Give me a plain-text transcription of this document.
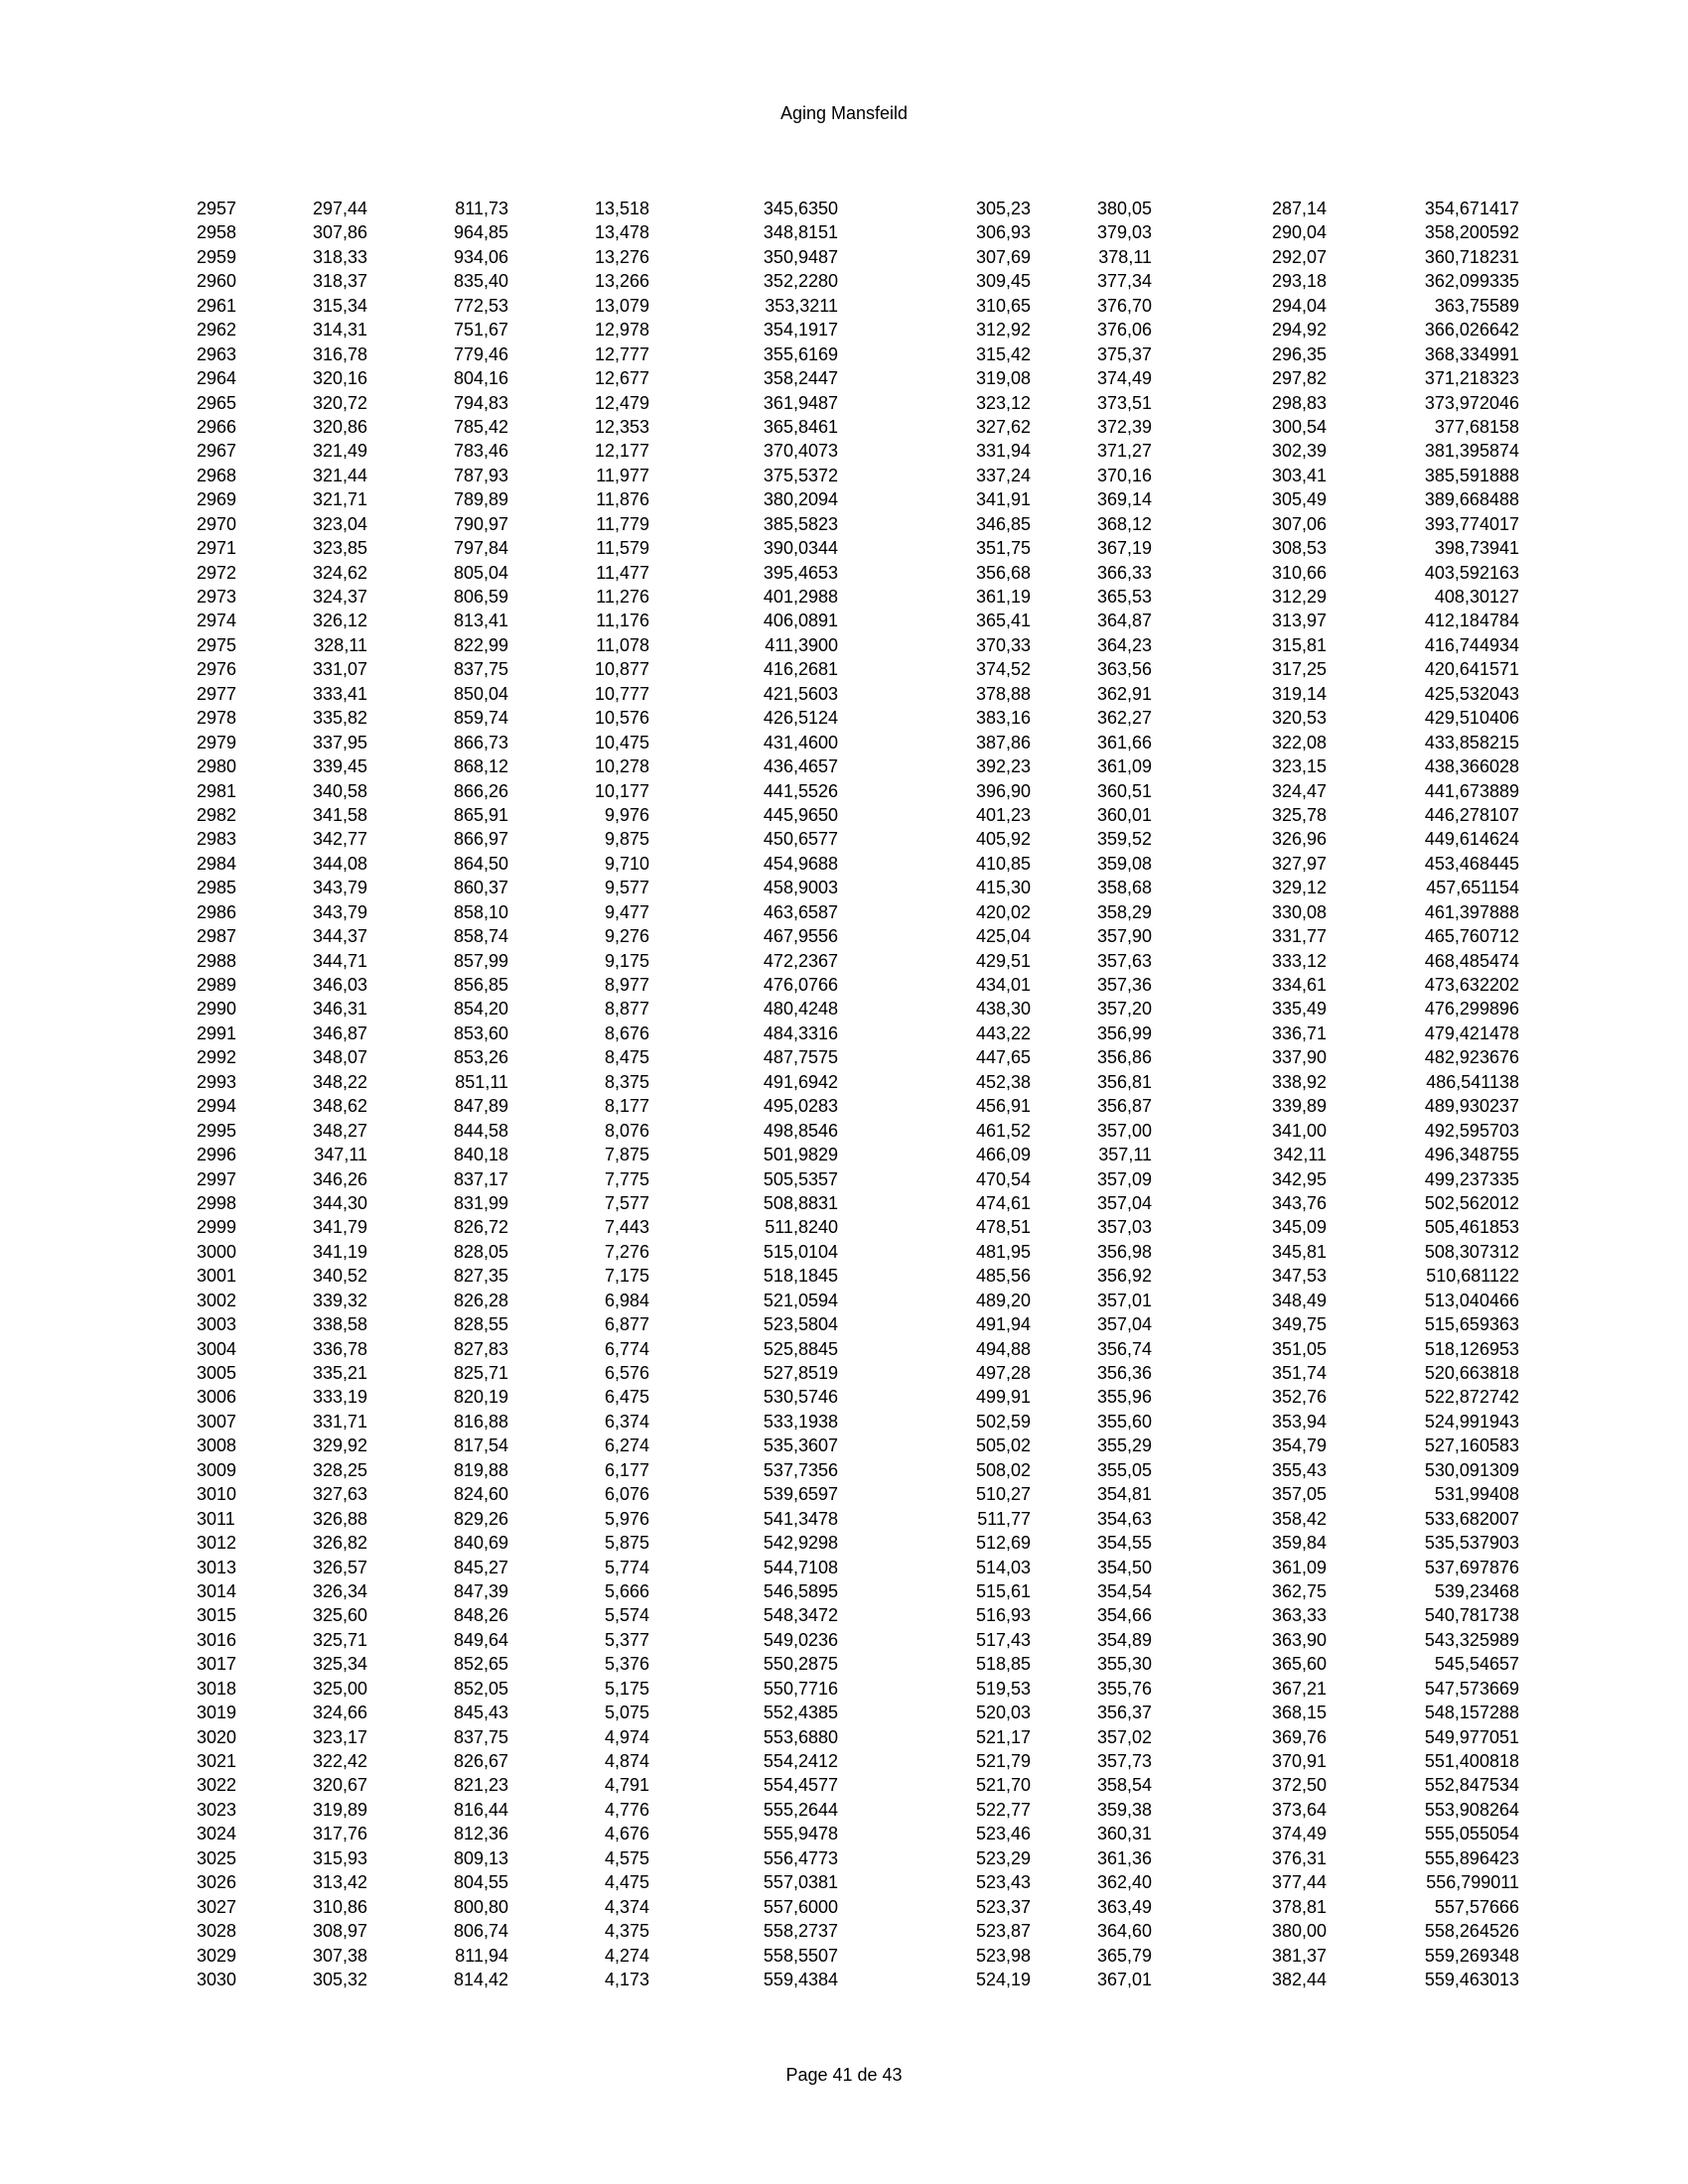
Aging Mansfeild
2957	297,44	811,73	13,518	345,6350	305,23	380,05	287,14	354,671417
2958	307,86	964,85	13,478	348,8151	306,93	379,03	290,04	358,200592
2959	318,33	934,06	13,276	350,9487	307,69	378,11	292,07	360,718231
2960	318,37	835,40	13,266	352,2280	309,45	377,34	293,18	362,099335
2961	315,34	772,53	13,079	353,3211	310,65	376,70	294,04	363,75589
2962	314,31	751,67	12,978	354,1917	312,92	376,06	294,92	366,026642
2963	316,78	779,46	12,777	355,6169	315,42	375,37	296,35	368,334991
2964	320,16	804,16	12,677	358,2447	319,08	374,49	297,82	371,218323
2965	320,72	794,83	12,479	361,9487	323,12	373,51	298,83	373,972046
2966	320,86	785,42	12,353	365,8461	327,62	372,39	300,54	377,68158
2967	321,49	783,46	12,177	370,4073	331,94	371,27	302,39	381,395874
2968	321,44	787,93	11,977	375,5372	337,24	370,16	303,41	385,591888
2969	321,71	789,89	11,876	380,2094	341,91	369,14	305,49	389,668488
2970	323,04	790,97	11,779	385,5823	346,85	368,12	307,06	393,774017
2971	323,85	797,84	11,579	390,0344	351,75	367,19	308,53	398,73941
2972	324,62	805,04	11,477	395,4653	356,68	366,33	310,66	403,592163
2973	324,37	806,59	11,276	401,2988	361,19	365,53	312,29	408,30127
2974	326,12	813,41	11,176	406,0891	365,41	364,87	313,97	412,184784
2975	328,11	822,99	11,078	411,3900	370,33	364,23	315,81	416,744934
2976	331,07	837,75	10,877	416,2681	374,52	363,56	317,25	420,641571
2977	333,41	850,04	10,777	421,5603	378,88	362,91	319,14	425,532043
2978	335,82	859,74	10,576	426,5124	383,16	362,27	320,53	429,510406
2979	337,95	866,73	10,475	431,4600	387,86	361,66	322,08	433,858215
2980	339,45	868,12	10,278	436,4657	392,23	361,09	323,15	438,366028
2981	340,58	866,26	10,177	441,5526	396,90	360,51	324,47	441,673889
2982	341,58	865,91	9,976	445,9650	401,23	360,01	325,78	446,278107
2983	342,77	866,97	9,875	450,6577	405,92	359,52	326,96	449,614624
2984	344,08	864,50	9,710	454,9688	410,85	359,08	327,97	453,468445
2985	343,79	860,37	9,577	458,9003	415,30	358,68	329,12	457,651154
2986	343,79	858,10	9,477	463,6587	420,02	358,29	330,08	461,397888
2987	344,37	858,74	9,276	467,9556	425,04	357,90	331,77	465,760712
2988	344,71	857,99	9,175	472,2367	429,51	357,63	333,12	468,485474
2989	346,03	856,85	8,977	476,0766	434,01	357,36	334,61	473,632202
2990	346,31	854,20	8,877	480,4248	438,30	357,20	335,49	476,299896
2991	346,87	853,60	8,676	484,3316	443,22	356,99	336,71	479,421478
2992	348,07	853,26	8,475	487,7575	447,65	356,86	337,90	482,923676
2993	348,22	851,11	8,375	491,6942	452,38	356,81	338,92	486,541138
2994	348,62	847,89	8,177	495,0283	456,91	356,87	339,89	489,930237
2995	348,27	844,58	8,076	498,8546	461,52	357,00	341,00	492,595703
2996	347,11	840,18	7,875	501,9829	466,09	357,11	342,11	496,348755
2997	346,26	837,17	7,775	505,5357	470,54	357,09	342,95	499,237335
2998	344,30	831,99	7,577	508,8831	474,61	357,04	343,76	502,562012
2999	341,79	826,72	7,443	511,8240	478,51	357,03	345,09	505,461853
3000	341,19	828,05	7,276	515,0104	481,95	356,98	345,81	508,307312
3001	340,52	827,35	7,175	518,1845	485,56	356,92	347,53	510,681122
3002	339,32	826,28	6,984	521,0594	489,20	357,01	348,49	513,040466
3003	338,58	828,55	6,877	523,5804	491,94	357,04	349,75	515,659363
3004	336,78	827,83	6,774	525,8845	494,88	356,74	351,05	518,126953
3005	335,21	825,71	6,576	527,8519	497,28	356,36	351,74	520,663818
3006	333,19	820,19	6,475	530,5746	499,91	355,96	352,76	522,872742
3007	331,71	816,88	6,374	533,1938	502,59	355,60	353,94	524,991943
3008	329,92	817,54	6,274	535,3607	505,02	355,29	354,79	527,160583
3009	328,25	819,88	6,177	537,7356	508,02	355,05	355,43	530,091309
3010	327,63	824,60	6,076	539,6597	510,27	354,81	357,05	531,99408
3011	326,88	829,26	5,976	541,3478	511,77	354,63	358,42	533,682007
3012	326,82	840,69	5,875	542,9298	512,69	354,55	359,84	535,537903
3013	326,57	845,27	5,774	544,7108	514,03	354,50	361,09	537,697876
3014	326,34	847,39	5,666	546,5895	515,61	354,54	362,75	539,23468
3015	325,60	848,26	5,574	548,3472	516,93	354,66	363,33	540,781738
3016	325,71	849,64	5,377	549,0236	517,43	354,89	363,90	543,325989
3017	325,34	852,65	5,376	550,2875	518,85	355,30	365,60	545,54657
3018	325,00	852,05	5,175	550,7716	519,53	355,76	367,21	547,573669
3019	324,66	845,43	5,075	552,4385	520,03	356,37	368,15	548,157288
3020	323,17	837,75	4,974	553,6880	521,17	357,02	369,76	549,977051
3021	322,42	826,67	4,874	554,2412	521,79	357,73	370,91	551,400818
3022	320,67	821,23	4,791	554,4577	521,70	358,54	372,50	552,847534
3023	319,89	816,44	4,776	555,2644	522,77	359,38	373,64	553,908264
3024	317,76	812,36	4,676	555,9478	523,46	360,31	374,49	555,055054
3025	315,93	809,13	4,575	556,4773	523,29	361,36	376,31	555,896423
3026	313,42	804,55	4,475	557,0381	523,43	362,40	377,44	556,799011
3027	310,86	800,80	4,374	557,6000	523,37	363,49	378,81	557,57666
3028	308,97	806,74	4,375	558,2737	523,87	364,60	380,00	558,264526
3029	307,38	811,94	4,274	558,5507	523,98	365,79	381,37	559,269348
3030	305,32	814,42	4,173	559,4384	524,19	367,01	382,44	559,463013
Page 41 de 43
